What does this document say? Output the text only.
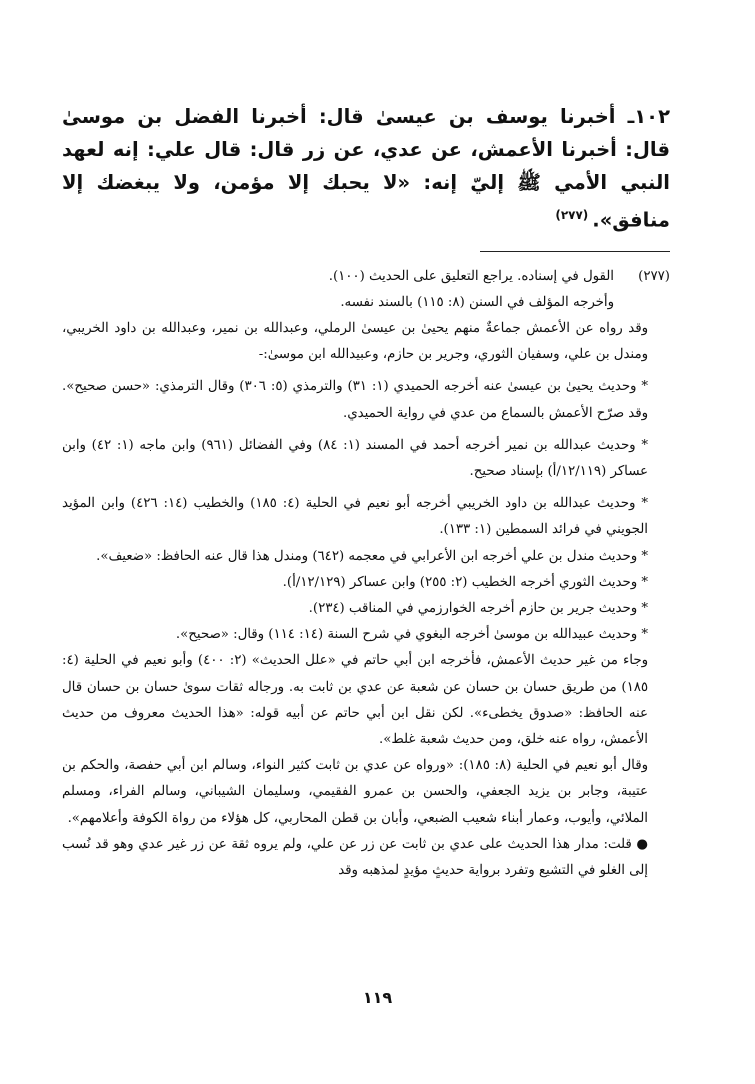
١٠٢ـ أخبرنا يوسف بن عيسىٰ قال: أخبرنا الفضل بن موسىٰ قال: أخبرنا الأعمش، عن عدي، عن زر قال: قال علي: إنه لعهد النبي الأمي ﷺ إليّ إنه: «لا يحبك إلا مؤمن، ولا يبغضك إلا منافق».$^{(٢٧٧)}$

(٢٧٧)

القول في إسناده. يراجع التعليق على الحديث (١٠٠).

وأخرجه المؤلف في السنن (٨: ١١٥) بالسند نفسه.

وقد رواه عن الأعمش جماعةٌ منهم يحيىٰ بن عيسىٰ الرملي، وعبدالله بن نمير، وعبدالله بن داود الخريبي، ومندل بن علي، وسفيان الثوري، وجرير بن حازم، وعبيدالله ابن موسىٰ:-

* وحديث يحيىٰ بن عيسىٰ عنه أخرجه الحميدي (١: ٣١) والترمذي (٥: ٣٠٦) وقال الترمذي: «حسن صحيح». وقد صرّح الأعمش بالسماع من عدي في رواية الحميدي.

* وحديث عبدالله بن نمير أخرجه أحمد في المسند (١: ٨٤) وفي الفضائل (٩٦١) وابن ماجه (١: ٤٢) وابن عساكر (١٢/١١٩/أ) بإسناد صحيح.

* وحديث عبدالله بن داود الخريبي أخرجه أبو نعيم في الحلية (٤: ١٨٥) والخطيب (١٤: ٤٢٦) وابن المؤيد الجويني في فرائد السمطين (١: ١٣٣).

* وحديث مندل بن علي أخرجه ابن الأعرابي في معجمه (٦٤٢) ومندل هذا قال عنه الحافظ: «ضعيف».

* وحديث الثوري أخرجه الخطيب (٢: ٢٥٥) وابن عساكر (١٢/١٢٩/أ).

* وحديث جرير بن حازم أخرجه الخوارزمي في المناقب (٢٣٤).

* وحديث عبيدالله بن موسىٰ أخرجه البغوي في شرح السنة (١٤: ١١٤) وقال: «صحيح».

وجاء من غير حديث الأعمش، فأخرجه ابن أبي حاتم في «علل الحديث» (٢: ٤٠٠) وأبو نعيم في الحلية (٤: ١٨٥) من طريق حسان بن حسان عن شعبة عن عدي بن ثابت به. ورجاله ثقات سوىٰ حسان بن حسان قال عنه الحافظ: «صدوق يخطىء». لكن نقل ابن أبي حاتم عن أبيه قوله: «هذا الحديث معروف من حديث الأعمش، رواه عنه خلق، ومن حديث شعبة غلط».

وقال أبو نعيم في الحلية (٨: ١٨٥): «ورواه عن عدي بن ثابت كثير النواء، وسالم ابن أبي حفصة، والحكم بن عتيبة، وجابر بن يزيد الجعفي، والحسن بن عمرو الفقيمي، وسليمان الشيباني، وسالم الفراء، ومسلم الملائي، وأيوب، وعمار أبناء شعيب الضبعي، وأبان بن قطن المحاربي، كل هؤلاء من رواة الكوفة وأعلامهم».

● قلت: مدار هذا الحديث على عدي بن ثابت عن زر عن علي، ولم يروه ثقة عن زر غير عدي وهو قد نُسب إلى الغلو في التشيع وتفرد برواية حديثٍ مؤيدٍ لمذهبه وقد

١١٩
